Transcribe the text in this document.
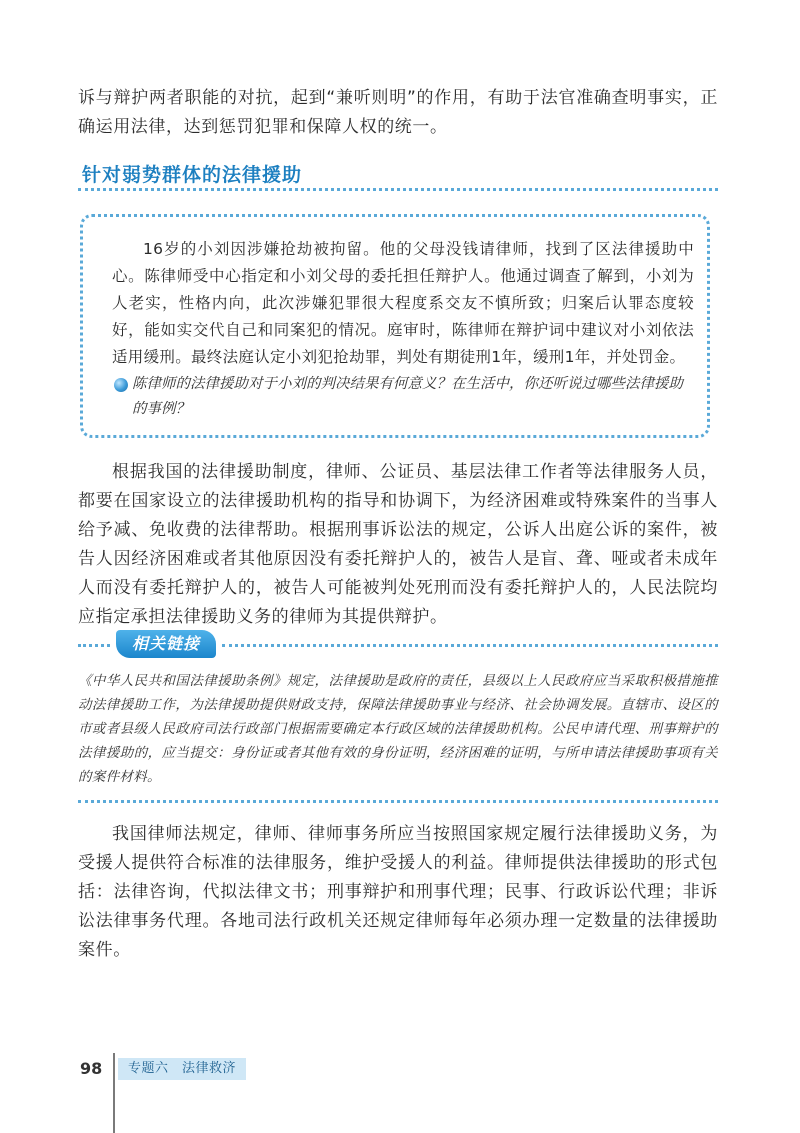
诉与辩护两者职能的对抗，起到“兼听则明”的作用，有助于法官准确查明事实，正确运用法律，达到惩罚犯罪和保障人权的统一。

针对弱势群体的法律援助

16岁的小刘因涉嫌抢劫被拘留。他的父母没钱请律师，找到了区法律援助中心。陈律师受中心指定和小刘父母的委托担任辩护人。他通过调查了解到，小刘为人老实，性格内向，此次涉嫌犯罪很大程度系交友不慎所致；归案后认罪态度较好，能如实交代自己和同案犯的情况。庭审时，陈律师在辩护词中建议对小刘依法适用缓刑。最终法庭认定小刘犯抢劫罪，判处有期徒刑1年，缓刑1年，并处罚金。

陈律师的法律援助对于小刘的判决结果有何意义？在生活中，你还听说过哪些法律援助的事例？

根据我国的法律援助制度，律师、公证员、基层法律工作者等法律服务人员，都要在国家设立的法律援助机构的指导和协调下，为经济困难或特殊案件的当事人给予减、免收费的法律帮助。根据刑事诉讼法的规定，公诉人出庭公诉的案件，被告人因经济困难或者其他原因没有委托辩护人的，被告人是盲、聋、哑或者未成年人而没有委托辩护人的，被告人可能被判处死刑而没有委托辩护人的，人民法院均应指定承担法律援助义务的律师为其提供辩护。

相关链接

《中华人民共和国法律援助条例》规定，法律援助是政府的责任，县级以上人民政府应当采取积极措施推动法律援助工作，为法律援助提供财政支持，保障法律援助事业与经济、社会协调发展。直辖市、设区的市或者县级人民政府司法行政部门根据需要确定本行政区域的法律援助机构。公民申请代理、刑事辩护的法律援助的，应当提交：身份证或者其他有效的身份证明，经济困难的证明，与所申请法律援助事项有关的案件材料。

我国律师法规定，律师、律师事务所应当按照国家规定履行法律援助义务，为受援人提供符合标准的法律服务，维护受援人的利益。律师提供法律援助的形式包括：法律咨询，代拟法律文书；刑事辩护和刑事代理；民事、行政诉讼代理；非诉讼法律事务代理。各地司法行政机关还规定律师每年必须办理一定数量的法律援助案件。

98	专题六　法律救济
